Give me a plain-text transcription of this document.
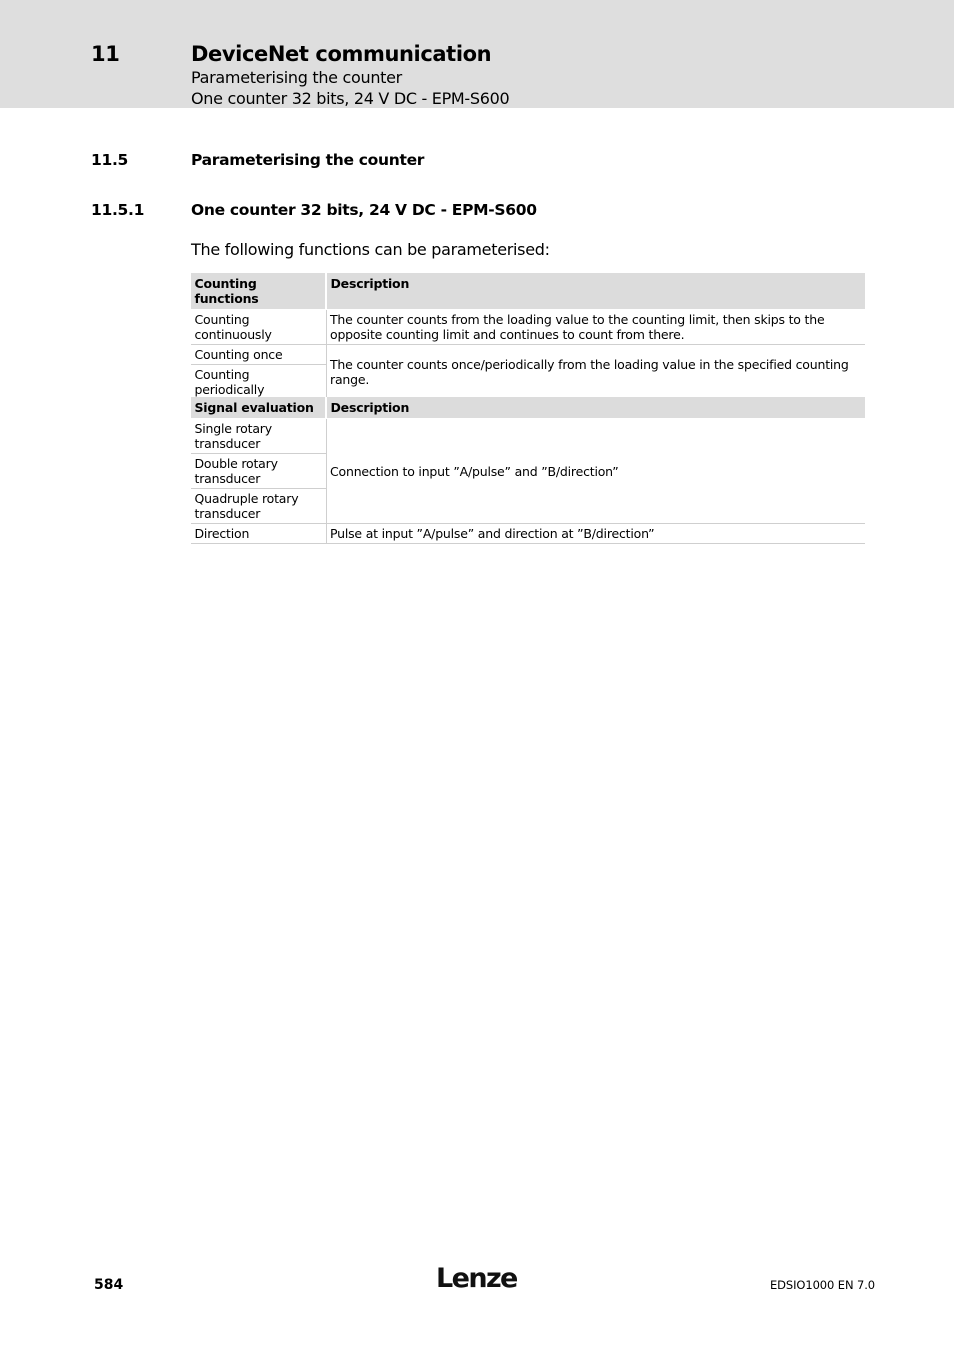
11	DeviceNet communication
Parameterising the counter
One counter 32 bits, 24 V DC - EPM-S600
11.5	Parameterising the counter
11.5.1	One counter 32 bits, 24 V DC - EPM-S600
The following functions can be parameterised:
Counting functions	Description
Counting continuously	The counter counts from the loading value to the counting limit, then skips to the opposite counting limit and continues to count from there.
Counting once	The counter counts once/periodically from the loading value in the specified counting range.
Counting periodically	
Signal evaluation	Description
Single rotary transducer	Connection to input ”A/pulse” and ”B/direction”
Double rotary transducer	
Quadruple rotary transducer	
Direction	Pulse at input ”A/pulse” and direction at ”B/direction”
584	Lenze	EDSIO1000 EN 7.0
